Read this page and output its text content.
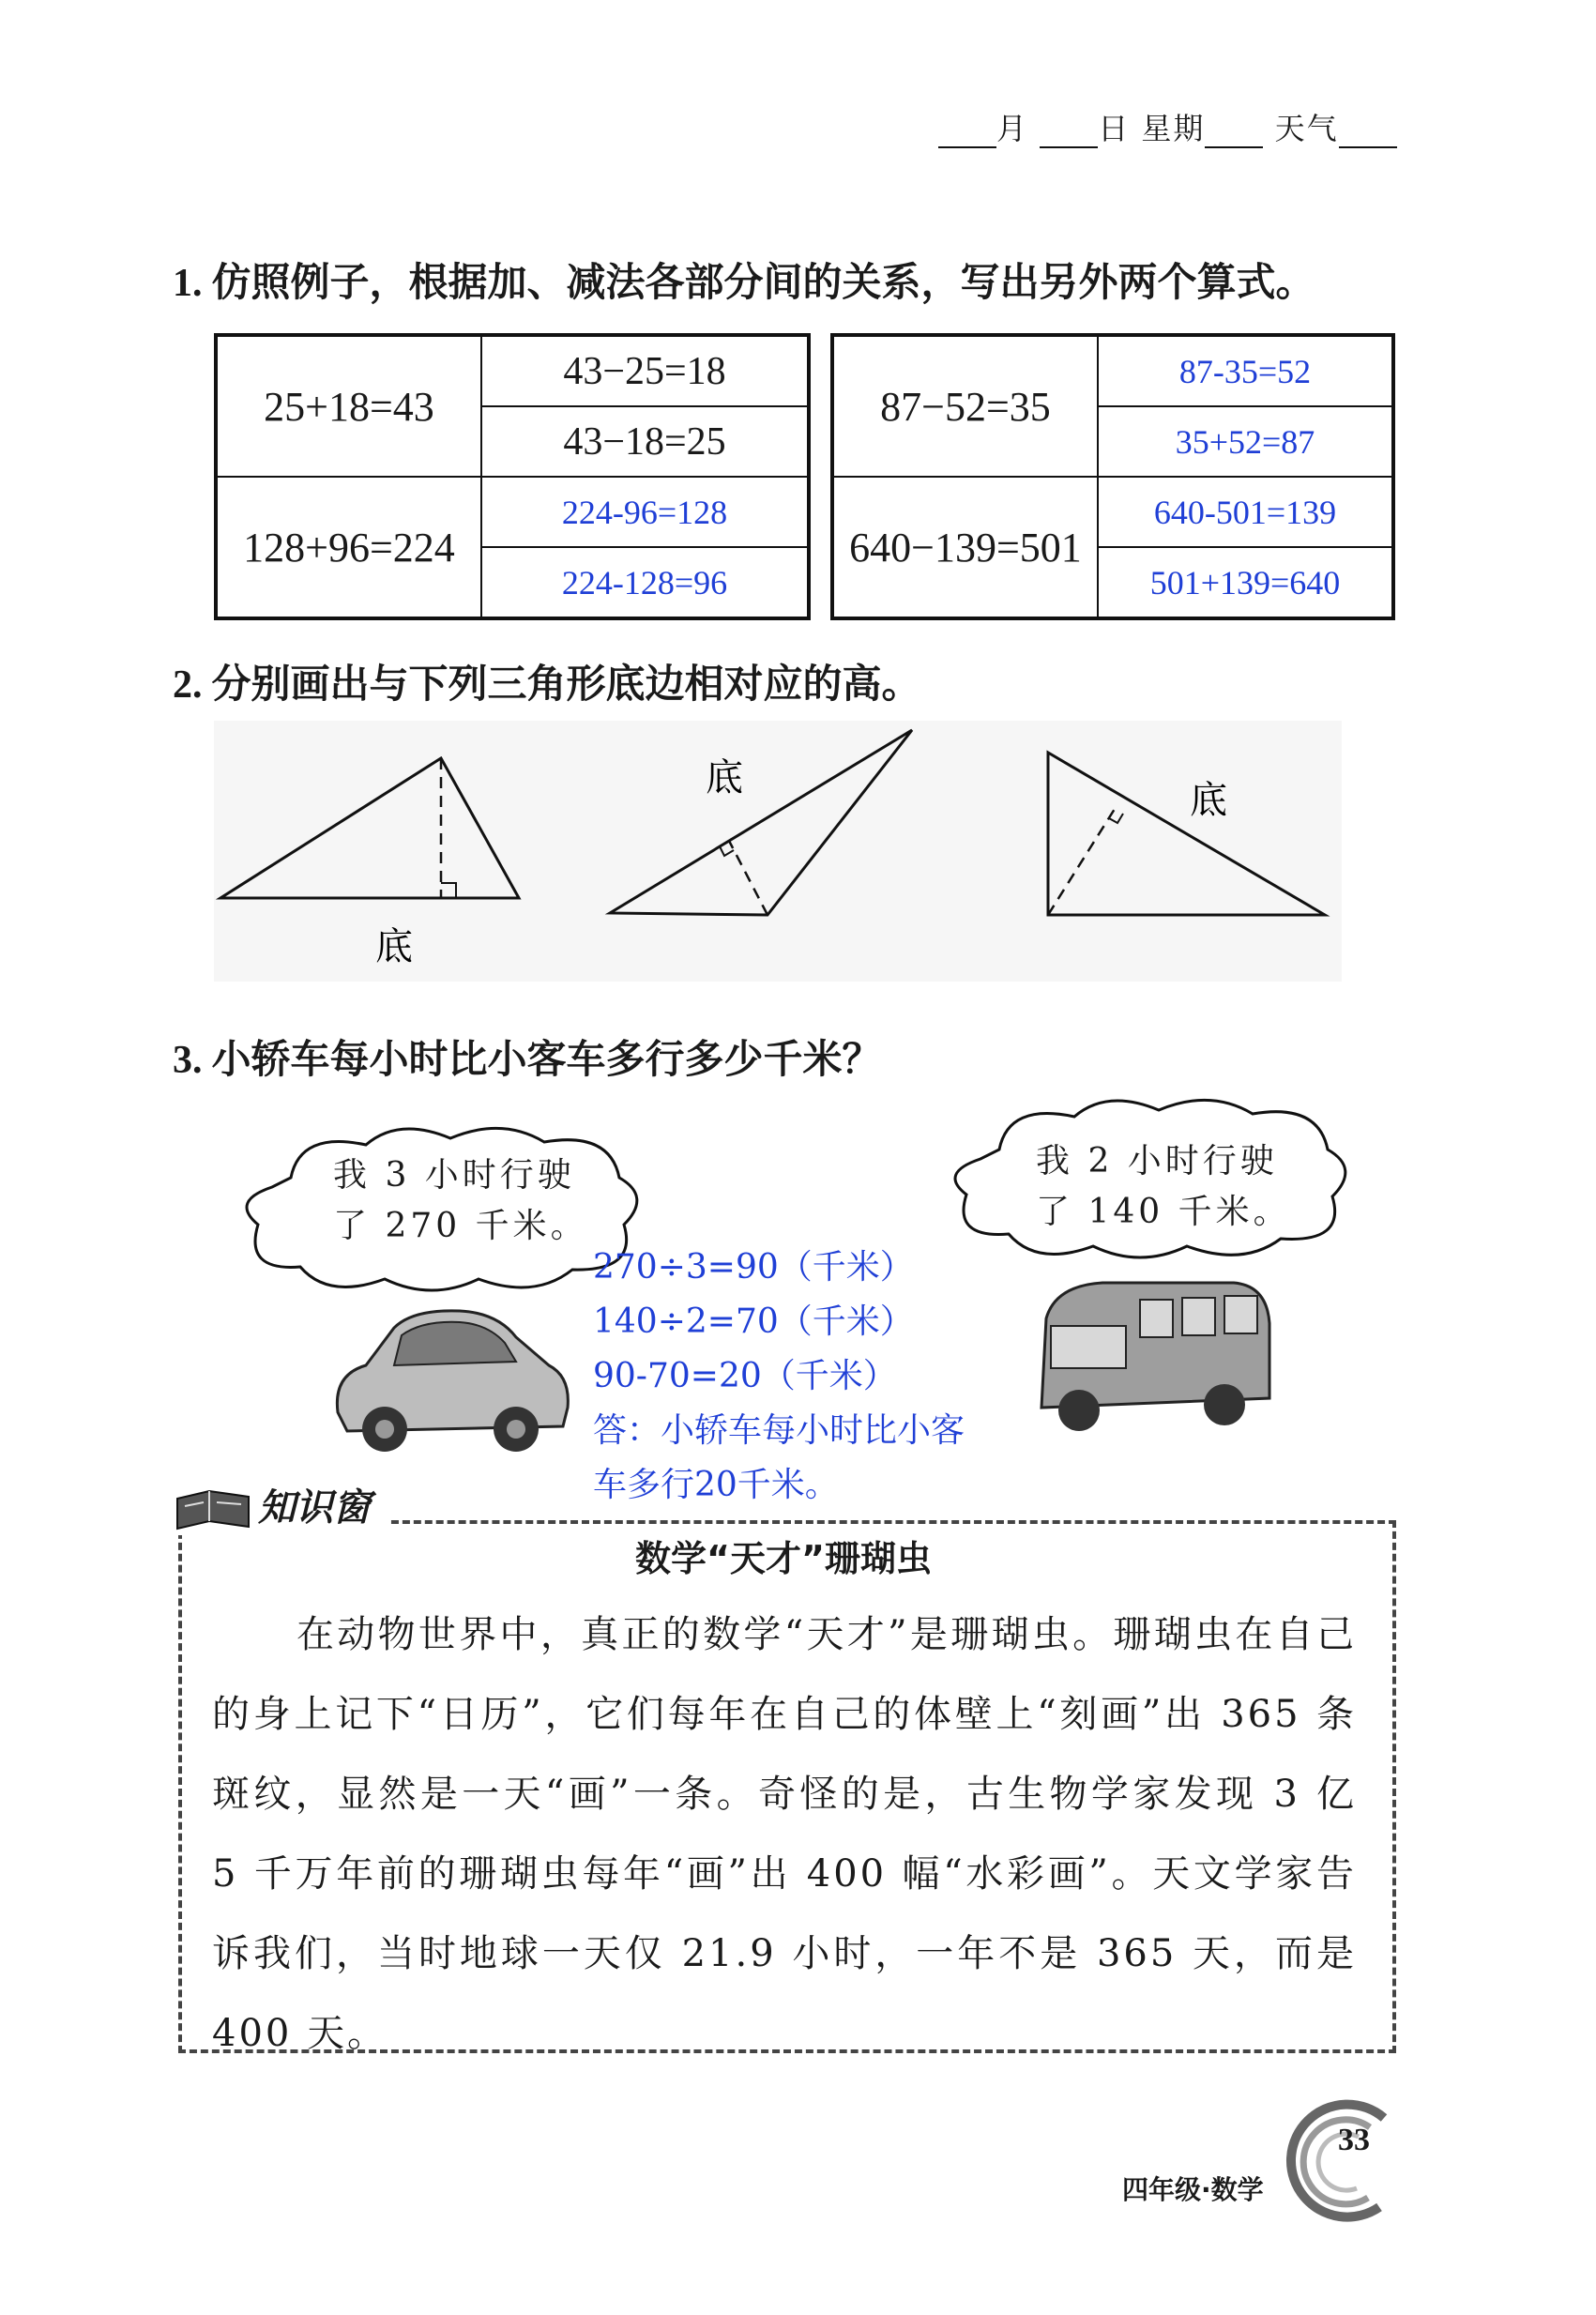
月 日 星期 天气
1. 仿照例子，根据加、减法各部分间的关系，写出另外两个算式。
25+18=43	43−25=18
	43−18=25
128+96=224	224-96=128
	224-128=96
87−52=35	87-35=52
	35+52=87
640−139=501	640-501=139
	501+139=640
2. 分别画出与下列三角形底边相对应的高。
底
底
底
3. 小轿车每小时比小客车多行多少千米？
我 3 小时行驶
了 270 千米。
我 2 小时行驶
了 140 千米。
270÷3=90（千米）
140÷2=70（千米）
90-70=20（千米）
答：小轿车每小时比小客
车多行20千米。
知识窗
数学“天才”珊瑚虫
在动物世界中，真正的数学“天才”是珊瑚虫。珊瑚虫在自己的身上记下“日历”，它们每年在自己的体壁上“刻画”出 365 条斑纹，显然是一天“画”一条。奇怪的是，古生物学家发现 3 亿 5 千万年前的珊瑚虫每年“画”出 400 幅“水彩画”。天文学家告诉我们，当时地球一天仅 21.9 小时，一年不是 365 天，而是 400 天。
33
四年级·数学
